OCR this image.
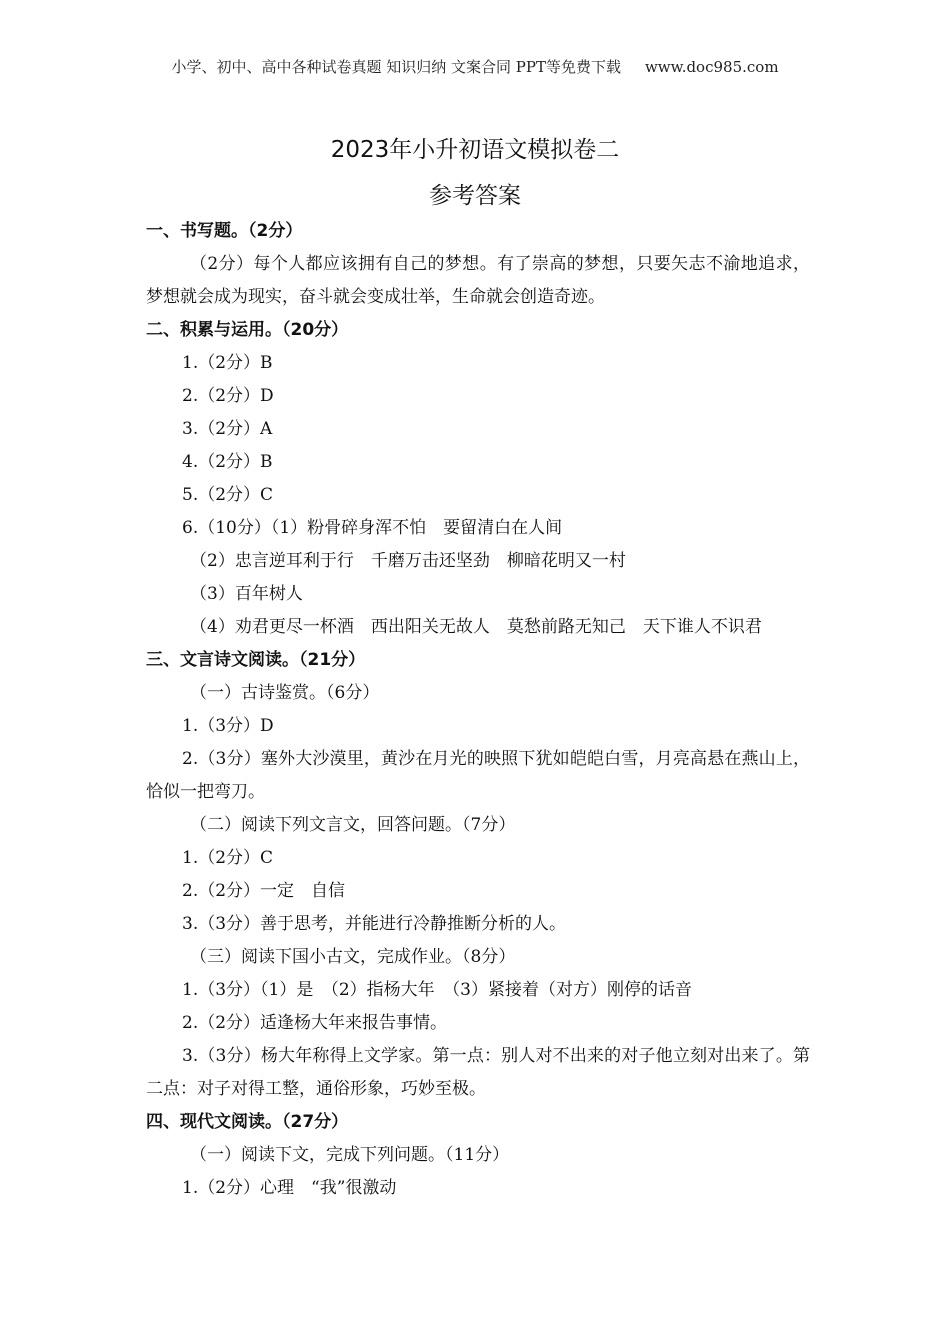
小学、初中、高中各种试卷真题 知识归纳 文案合同 PPT等免费下载 www.doc985.com
2023年小升初语文模拟卷二
参考答案
一、书写题。（2分）
（2分）每个人都应该拥有自己的梦想。有了崇高的梦想，只要矢志不渝地追求，梦想就会成为现实，奋斗就会变成壮举，生命就会创造奇迹。
二、积累与运用。（20分）
1.（2分）B
2.（2分）D
3.（2分）A
4.（2分）B
5.（2分）C
6.（10分）（1）粉骨碎身浑不怕　要留清白在人间
（2）忠言逆耳利于行　千磨万击还坚劲　柳暗花明又一村
（3）百年树人
（4）劝君更尽一杯酒　西出阳关无故人　莫愁前路无知己　天下谁人不识君
三、文言诗文阅读。（21分）
（一）古诗鉴赏。（6分）
1.（3分）D
2.（3分）塞外大沙漠里，黄沙在月光的映照下犹如皑皑白雪，月亮高悬在燕山上，恰似一把弯刀。
（二）阅读下列文言文，回答问题。（7分）
1.（2分）C
2.（2分）一定　自信
3.（3分）善于思考，并能进行冷静推断分析的人。
（三）阅读下国小古文，完成作业。（8分）
1.（3分）（1）是　（2）指杨大年　（3）紧接着（对方）刚停的话音
2.（2分）适逢杨大年来报告事情。
3.（3分）杨大年称得上文学家。第一点：别人对不出来的对子他立刻对出来了。第二点：对子对得工整，通俗形象，巧妙至极。
四、现代文阅读。（27分）
（一）阅读下文，完成下列问题。（11分）
1.（2分）心理　“我”很激动
